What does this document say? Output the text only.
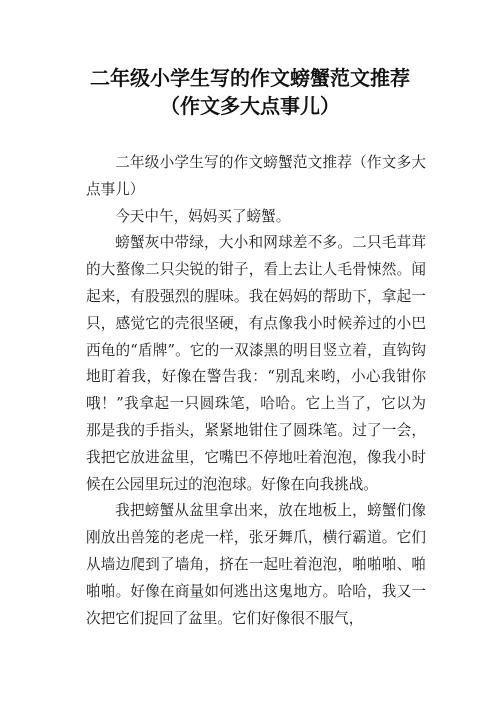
二年级小学生写的作文螃蟹范文推荐
（作文多大点事儿）

二年级小学生写的作文螃蟹范文推荐（作文多大点事儿）

今天中午，妈妈买了螃蟹。

螃蟹灰中带绿，大小和网球差不多。二只毛茸茸的大螯像二只尖锐的钳子，看上去让人毛骨悚然。闻起来，有股强烈的腥味。我在妈妈的帮助下，拿起一只，感觉它的壳很坚硬，有点像我小时候养过的小巴西龟的“盾牌”。它的一双漆黑的明目竖立着，直钩钩地盯着我，好像在警告我：“别乱来哟，小心我钳你哦！”我拿起一只圆珠笔，哈哈。它上当了，它以为那是我的手指头，紧紧地钳住了圆珠笔。过了一会，我把它放进盆里，它嘴巴不停地吐着泡泡，像我小时候在公园里玩过的泡泡球。好像在向我挑战。

我把螃蟹从盆里拿出来，放在地板上，螃蟹们像刚放出兽笼的老虎一样，张牙舞爪，横行霸道。它们从墙边爬到了墙角，挤在一起吐着泡泡，啪啪啪、啪啪啪。好像在商量如何逃出这鬼地方。哈哈，我又一次把它们捉回了盆里。它们好像很不服气，
